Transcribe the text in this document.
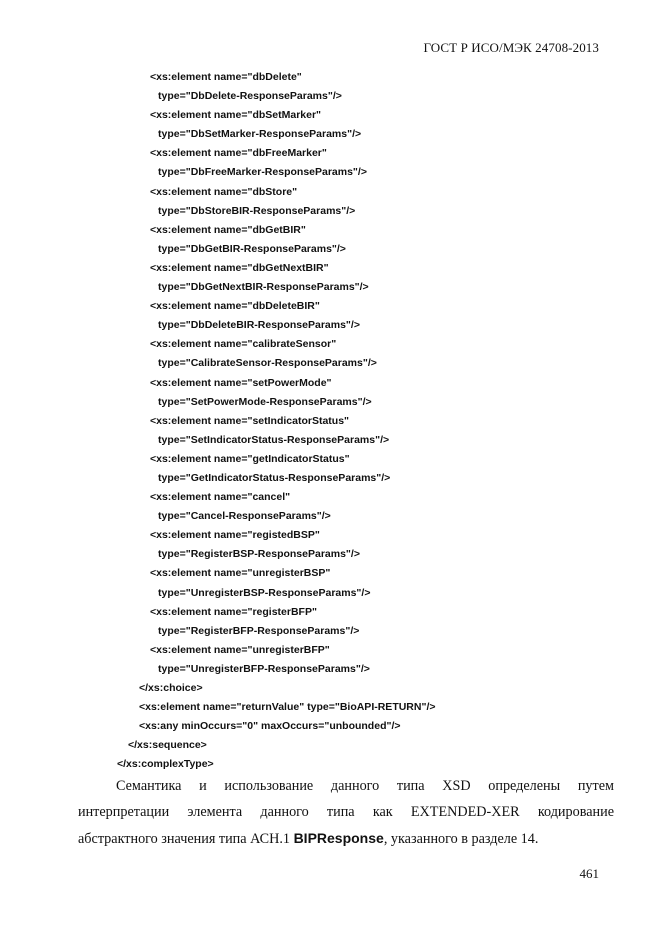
ГОСТ Р ИСО/МЭК 24708-2013
<xs:element name="dbDelete"
type="DbDelete-ResponseParams"/>
<xs:element name="dbSetMarker"
type="DbSetMarker-ResponseParams"/>
<xs:element name="dbFreeMarker"
type="DbFreeMarker-ResponseParams"/>
<xs:element name="dbStore"
type="DbStoreBIR-ResponseParams"/>
<xs:element name="dbGetBIR"
type="DbGetBIR-ResponseParams"/>
<xs:element name="dbGetNextBIR"
type="DbGetNextBIR-ResponseParams"/>
<xs:element name="dbDeleteBIR"
type="DbDeleteBIR-ResponseParams"/>
<xs:element name="calibrateSensor"
type="CalibrateSensor-ResponseParams"/>
<xs:element name="setPowerMode"
type="SetPowerMode-ResponseParams"/>
<xs:element name="setIndicatorStatus"
type="SetIndicatorStatus-ResponseParams"/>
<xs:element name="getIndicatorStatus"
type="GetIndicatorStatus-ResponseParams"/>
<xs:element name="cancel"
type="Cancel-ResponseParams"/>
<xs:element name="registedBSP"
type="RegisterBSP-ResponseParams"/>
<xs:element name="unregisterBSP"
type="UnregisterBSP-ResponseParams"/>
<xs:element name="registerBFP"
type="RegisterBFP-ResponseParams"/>
<xs:element name="unregisterBFP"
type="UnregisterBFP-ResponseParams"/>
</xs:choice>
<xs:element name="returnValue" type="BioAPI-RETURN"/>
<xs:any minOccurs="0" maxOccurs="unbounded"/>
</xs:sequence>
</xs:complexType>
Семантика и использование данного типа XSD определены путем
интерпретации элемента данного типа как EXTENDED-XER кодирование
абстрактного значения типа АСН.1 BIPResponse, указанного в разделе 14.
461
